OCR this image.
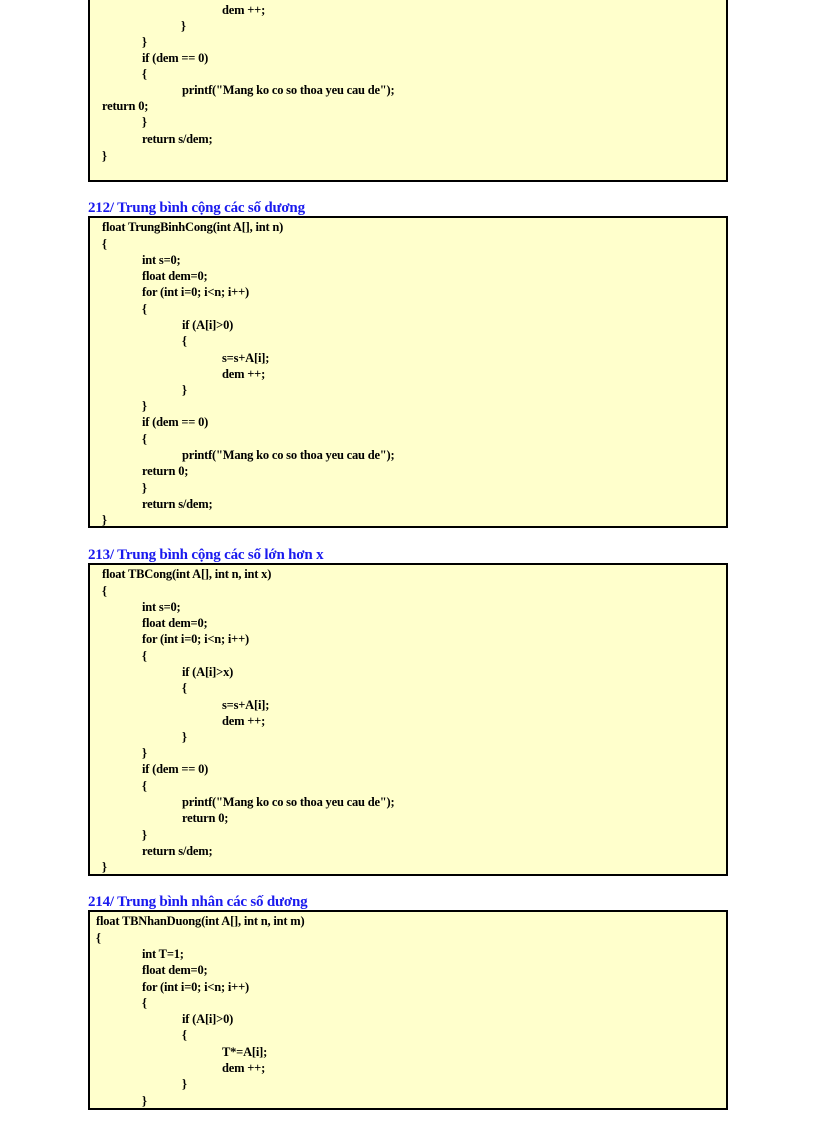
dem ++;
}
}
if (dem == 0)
{
printf("Mang ko co so thoa yeu cau de");
return 0;
}
return s/dem;
}
212/ Trung bình cộng các số dương
float TrungBinhCong(int A[], int n)
{
int s=0;
float dem=0;
for (int i=0; i<n; i++)
{
if (A[i]>0)
{
s=s+A[i];
dem ++;
}
}
if (dem == 0)
{
printf("Mang ko co so thoa yeu cau de");
return 0;
}
return s/dem;
}
213/ Trung bình cộng các số lớn hơn x
float TBCong(int A[], int n, int x)
{
int s=0;
float dem=0;
for (int i=0; i<n; i++)
{
if (A[i]>x)
{
s=s+A[i];
dem ++;
}
}
if (dem == 0)
{
printf("Mang ko co so thoa yeu cau de");
return 0;
}
return s/dem;
}
214/ Trung bình nhân các số dương
float TBNhanDuong(int A[], int n, int m)
{
int T=1;
float dem=0;
for (int i=0; i<n; i++)
{
if (A[i]>0)
{
T*=A[i];
dem ++;
}
}
